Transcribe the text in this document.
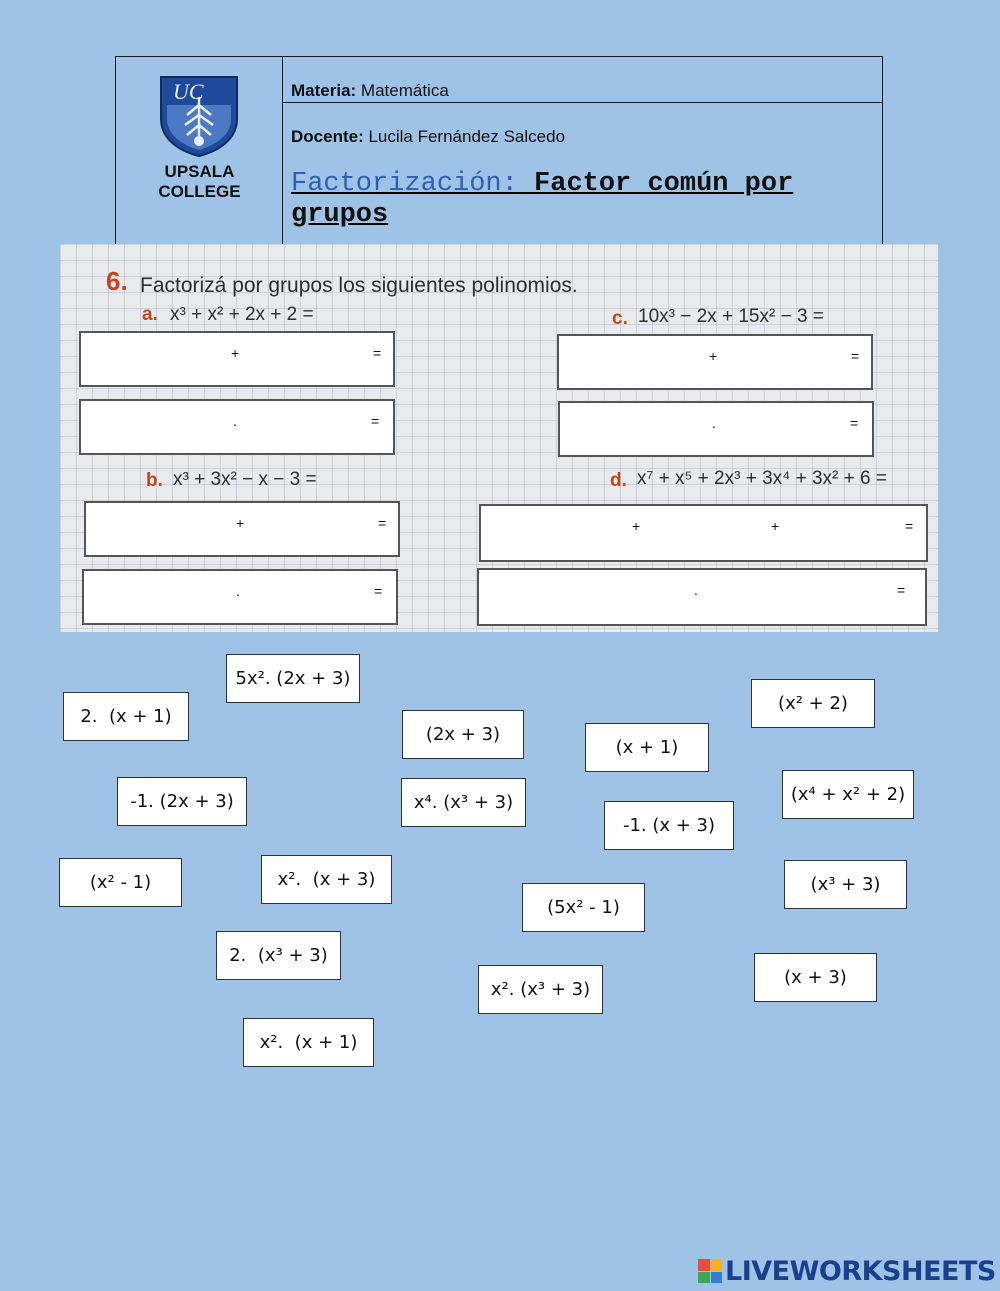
UC
UPSALA
COLLEGE
Materia: Matemática
Docente: Lucila Fernández Salcedo
Factorización: Factor común por grupos
6. Factorizá por grupos los siguientes polinomios.
a. x³ + x² + 2x + 2 =
+	=
.	=
c. 10x³ − 2x + 15x² − 3 =
+	=
.	=
b. x³ + 3x² − x − 3 =
+	=
.	=
d. x⁷ + x⁵ + 2x³ + 3x⁴ + 3x² + 6 =
+	+	=
.	=
5x². (2x + 3)
2.  (x + 1)
(2x + 3)
(x + 1)
(x² + 2)
-1. (2x + 3)	x⁴. (x³ + 3)
-1. (x + 3)
(x⁴ + x² + 2)
(x² - 1)	x².  (x + 3)
(5x² - 1)
(x³ + 3)
2.  (x³ + 3)
x². (x³ + 3)
(x + 3)
x².  (x + 1)
LIVEWORKSHEETS
